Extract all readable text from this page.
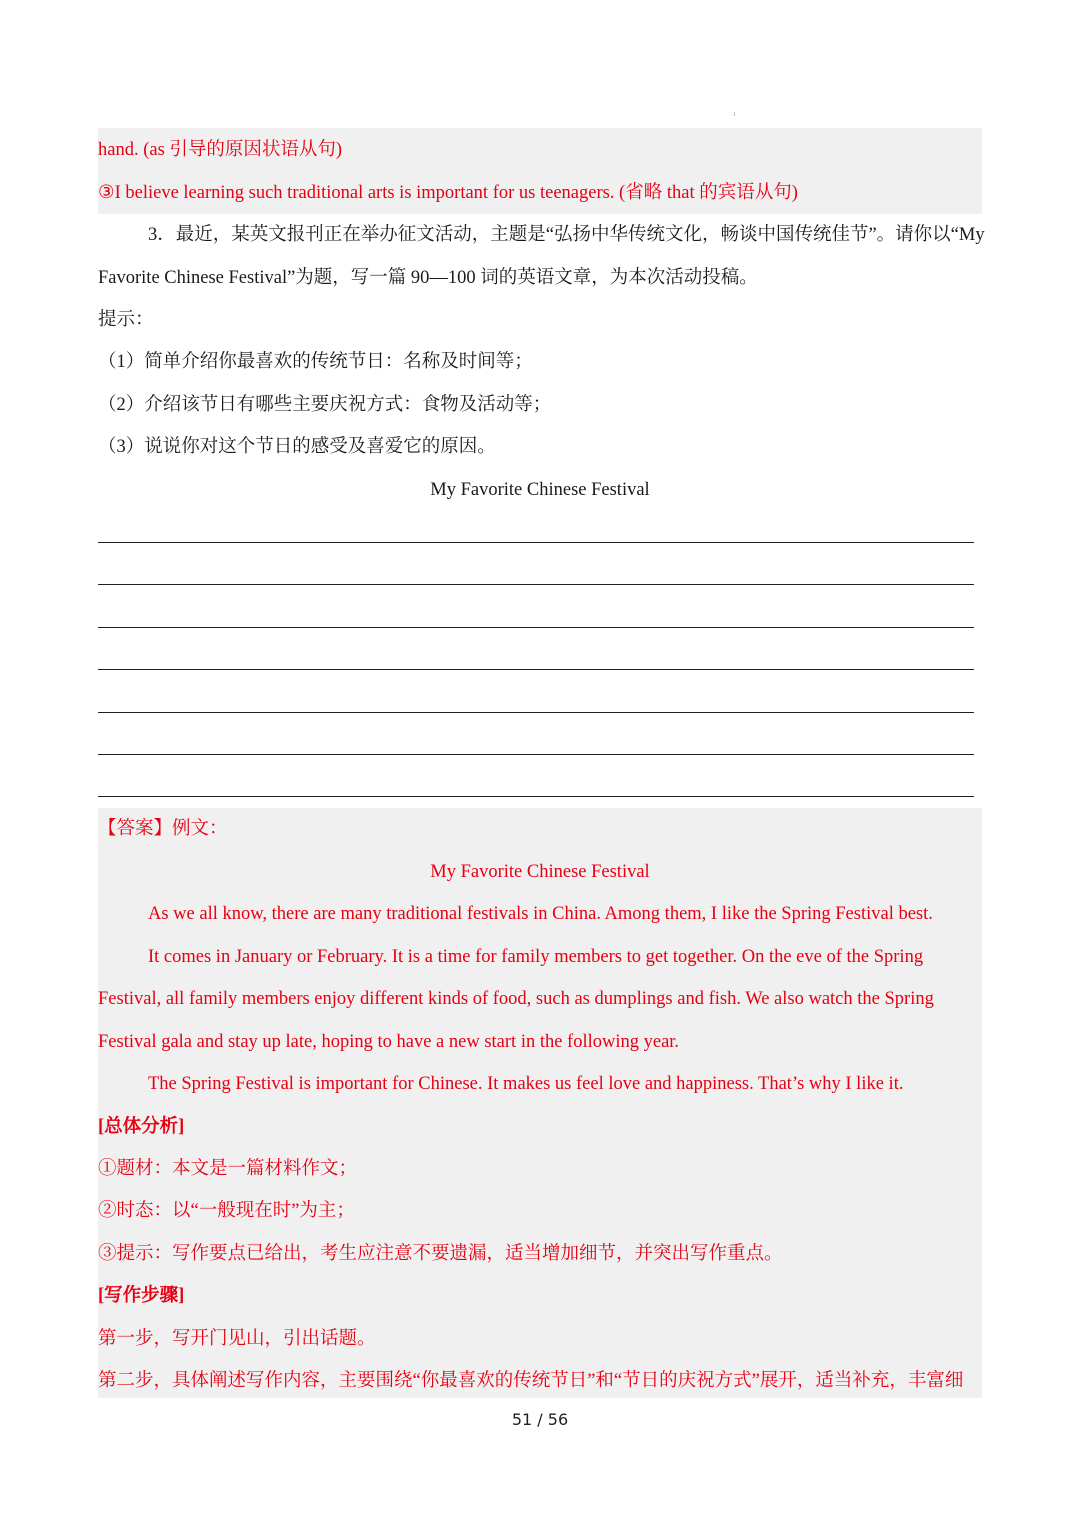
1
hand. (as 引导的原因状语从句)
③I believe learning such traditional arts is important for us teenagers. (省略 that 的宾语从句)
3．最近，某英文报刊正在举办征文活动，主题是“弘扬中华传统文化，畅谈中国传统佳节”。请你以“My
Favorite Chinese Festival”为题，写一篇 90—100 词的英语文章，为本次活动投稿。
提示：
（1）简单介绍你最喜欢的传统节日：名称及时间等；
（2）介绍该节日有哪些主要庆祝方式：食物及活动等；
（3）说说你对这个节日的感受及喜爱它的原因。
My Favorite Chinese Festival
【答案】例文：
My Favorite Chinese Festival
As we all know, there are many traditional festivals in China. Among them, I like the Spring Festival best.
It comes in January or February. It is a time for family members to get together. On the eve of the Spring
Festival, all family members enjoy different kinds of food, such as dumplings and fish. We also watch the Spring
Festival gala and stay up late, hoping to have a new start in the following year.
The Spring Festival is important for Chinese. It makes us feel love and happiness. That’s why I like it.
[总体分析]
①题材：本文是一篇材料作文；
②时态：以“一般现在时”为主；
③提示：写作要点已给出，考生应注意不要遗漏，适当增加细节，并突出写作重点。
[写作步骤]
第一步，写开门见山，引出话题。
第二步，具体阐述写作内容，主要围绕“你最喜欢的传统节日”和“节日的庆祝方式”展开，适当补充，丰富细
51 / 56
